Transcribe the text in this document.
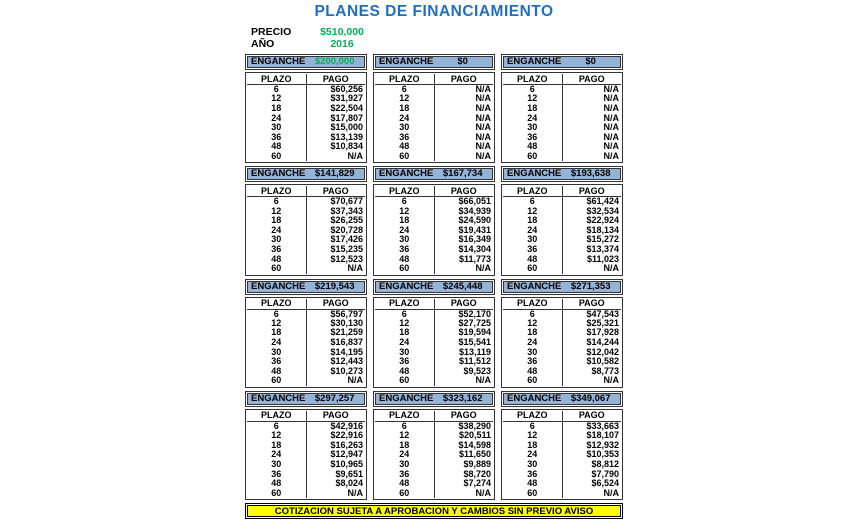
PLANES DE FINANCIAMIENTO
PRECIO	$510,000
AÑO	2016
ENGANCHE	$200,000
PLAZO	PAGO
6	$60,256
12	$31,927
18	$22,504
24	$17,807
30	$15,000
36	$13,139
48	$10,834
60	N/A
ENGANCHE	$0
PLAZO	PAGO
6	N/A
12	N/A
18	N/A
24	N/A
30	N/A
36	N/A
48	N/A
60	N/A
ENGANCHE	$0
PLAZO	PAGO
6	N/A
12	N/A
18	N/A
24	N/A
30	N/A
36	N/A
48	N/A
60	N/A
ENGANCHE	$141,829
PLAZO	PAGO
6	$70,677
12	$37,343
18	$26,255
24	$20,728
30	$17,426
36	$15,235
48	$12,523
60	N/A
ENGANCHE	$167,734
PLAZO	PAGO
6	$66,051
12	$34,939
18	$24,590
24	$19,431
30	$16,349
36	$14,304
48	$11,773
60	N/A
ENGANCHE	$193,638
PLAZO	PAGO
6	$61,424
12	$32,534
18	$22,924
24	$18,134
30	$15,272
36	$13,374
48	$11,023
60	N/A
ENGANCHE	$219,543
PLAZO	PAGO
6	$56,797
12	$30,130
18	$21,259
24	$16,837
30	$14,195
36	$12,443
48	$10,273
60	N/A
ENGANCHE	$245,448
PLAZO	PAGO
6	$52,170
12	$27,725
18	$19,594
24	$15,541
30	$13,119
36	$11,512
48	$9,523
60	N/A
ENGANCHE	$271,353
PLAZO	PAGO
6	$47,543
12	$25,321
18	$17,928
24	$14,244
30	$12,042
36	$10,582
48	$8,773
60	N/A
ENGANCHE	$297,257
PLAZO	PAGO
6	$42,916
12	$22,916
18	$16,263
24	$12,947
30	$10,965
36	$9,651
48	$8,024
60	N/A
ENGANCHE	$323,162
PLAZO	PAGO
6	$38,290
12	$20,511
18	$14,598
24	$11,650
30	$9,889
36	$8,720
48	$7,274
60	N/A
ENGANCHE	$349,067
PLAZO	PAGO
6	$33,663
12	$18,107
18	$12,932
24	$10,353
30	$8,812
36	$7,790
48	$6,524
60	N/A
COTIZACION SUJETA A APROBACION Y CAMBIOS SIN PREVIO AVISO
